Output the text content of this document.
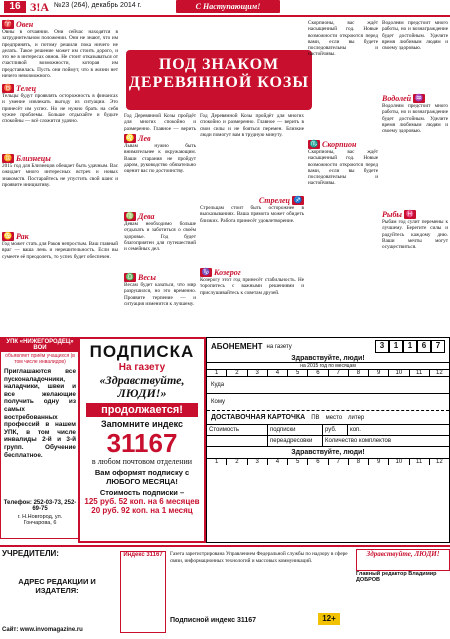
16 З!А №23 (264), декабрь 2014 г.	С Наступающим!
♈ Овен
Овны в отчаянии. Они сейчас находятся в затруднительном положении. Они не знают, что им предпринять, и потому решили пока ничего не делать. Такое решение может им стоить дорого, и это не в интересах овнов. Не стоит отказываться от счастливой возможности, которая им представилась. Пусть они поймут, что в жизни нет ничего невозможного.
♉ Телец
Тельцы будут проявлять осторожность в финансах и умение извлекать выгоду из ситуации. Это принесёт им успех. Но не нужно брать на себя чужие проблемы. Больше отдыхайте и будьте спокойны — всё сложится удачно.
♊ Близнецы
2015 год для Близнецов обещает быть удачным. Вас ожидает много интересных встреч и новых знакомств. Постарайтесь не упустить свой шанс и проявите инициативу.
♋ Рак
Год может стать для Раков непростым. Ваш главный враг — ваша лень и нерешительность. Если вы сумеете её преодолеть, то успех будет обеспечен.
ПОД ЗНАКОМ
ДЕРЕВЯННОЙ КОЗЫ
Год Деревянной Козы пройдёт для многих спокойно и размеренно. Главное — верить
♌ Лев
Львам нужно быть внимательнее к окружающим. Ваши старания не пройдут даром, руководство обязательно оценит вас по достоинству.
♍ Дева
Девам необходимо больше отдыхать и заботиться о своём здоровье. Год будет благоприятен для путешествий и семейных дел.
♎ Весы
Весам будет казаться, что мир разрушился, но это временно. Проявите терпение — и ситуация изменится к лучшему.
Год Деревянной Козы пройдёт для многих спокойно и размеренно. Главное — верить в свои силы и не бояться перемен. Близкие люди помогут вам в трудную минуту.
Стрелец ♐
Стрельцам стоит быть осторожнее в высказываниях. Ваша прямота может обидеть близких. Работа принесёт удовлетворение.
♑ Козерог
Козерогу этот год принесёт стабильность. Не торопитесь с важными решениями и прислушивайтесь к советам друзей.
Скорпионы, вас ждёт насыщенный год. Новые возможности откроются перед вами, если вы будете последовательны и настойчивы.
♏ Скорпион
Скорпионы, вас ждёт насыщенный год. Новые возможности откроются перед вами, если вы будете последовательны и настойчивы.
Водолеям предстоит много работы, но и вознаграждение будет достойным. Уделите время любимым людям и своему здоровью.
Водолей ♒
Водолеям предстоит много работы, но и вознаграждение будет достойным. Уделите время любимым людям и своему здоровью.
Рыбы ♓
Рыбам год сулит перемены к лучшему. Берегите силы и радуйтесь каждому дню. Ваши мечты могут осуществиться.
УПК «НИЖЕГОРОДЕЦ» ВОИ
объявляет приём учащихся (в том числе инвалидов)
Приглашаются все пусконаладочники, наладчики, швеи и все желающие получить одну из самых востребованных профессий в нашем УПК, в том числе инвалиды 2-й и 3-й групп. Обучение бесплатное.
Телефон: 252-03-73, 252-69-75
г. Н.Новгород, ул. Гончарова, 6
ПОДПИСКА
На газету
«Здравствуйте, ЛЮДИ!»
продолжается!
Запомните индекс
31167
в любом почтовом отделении
Вам оформят подписку с ЛЮБОГО МЕСЯЦА!
Стоимость подписки –
125 руб. 52 коп. на 6 месяцев
20 руб. 92 коп. на 1 месяц
АБОНЕМЕНТ на газету	3	1	1	6	7
Здравствуйте, люди!
на 2015 год по месяцам
1	2	3	4	5	6	7	8	9	10	11	12
Куда
Кому
ДОСТАВОЧНАЯ КАРТОЧКА ПВ место литер
Стоимость	подписки	руб.	коп.
переадресовки	Количество комплектов
Здравствуйте, люди!
1	2	3	4	5	6	7	8	9	10	11	12
УЧРЕДИТЕЛИ:
АДРЕС РЕДАКЦИИ И ИЗДАТЕЛЯ:
Сайт: www.invomagazine.ru
Индекс 31167	Газета зарегистрирована Управлением Федеральной службы по надзору в сфере связи, информационных технологий и массовых коммуникаций.
Подписной индекс 31167	12+
Здравствуйте, ЛЮДИ!
Главный редактор Владимир ДОБРОВ
